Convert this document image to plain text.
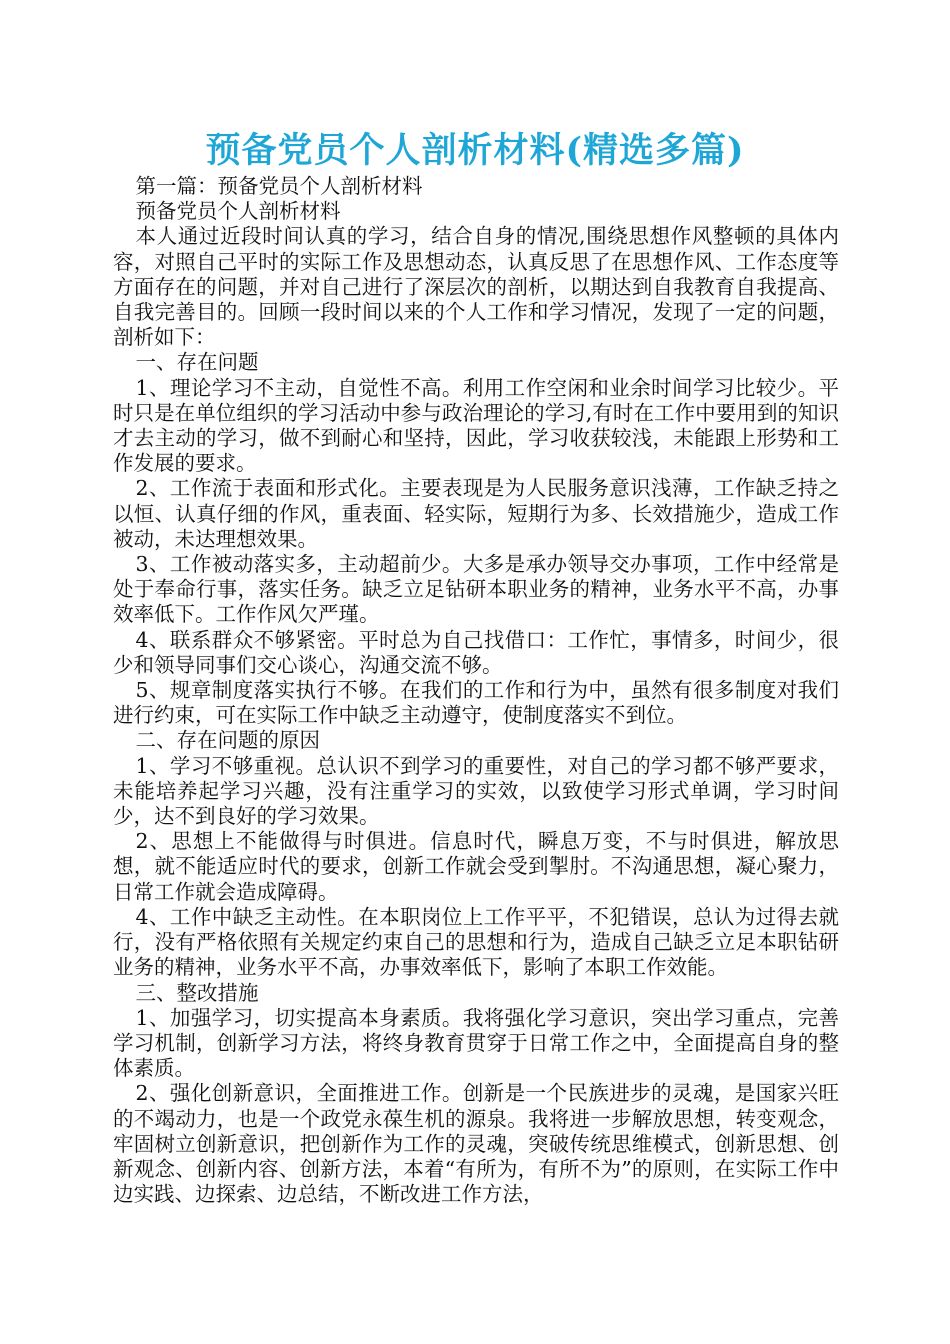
预备党员个人剖析材料(精选多篇)

第一篇：预备党员个人剖析材料

预备党员个人剖析材料

本人通过近段时间认真的学习，结合自身的情况,围绕思想作风整顿的具体内容，对照自己平时的实际工作及思想动态，认真反思了在思想作风、工作态度等方面存在的问题，并对自己进行了深层次的剖析，以期达到自我教育自我提高、自我完善目的。回顾一段时间以来的个人工作和学习情况，发现了一定的问题，剖析如下：

一、存在问题

1、理论学习不主动，自觉性不高。利用工作空闲和业余时间学习比较少。平时只是在单位组织的学习活动中参与政治理论的学习,有时在工作中要用到的知识才去主动的学习，做不到耐心和坚持，因此，学习收获较浅，未能跟上形势和工作发展的要求。

2、工作流于表面和形式化。主要表现是为人民服务意识浅薄，工作缺乏持之以恒、认真仔细的作风，重表面、轻实际，短期行为多、长效措施少，造成工作被动，未达理想效果。

3、工作被动落实多，主动超前少。大多是承办领导交办事项，工作中经常是处于奉命行事，落实任务。缺乏立足钻研本职业务的精神，业务水平不高，办事效率低下。工作作风欠严瑾。

4、联系群众不够紧密。平时总为自己找借口：工作忙，事情多，时间少，很少和领导同事们交心谈心，沟通交流不够。

5、规章制度落实执行不够。在我们的工作和行为中，虽然有很多制度对我们进行约束，可在实际工作中缺乏主动遵守，使制度落实不到位。

二、存在问题的原因

1、学习不够重视。总认识不到学习的重要性，对自己的学习都不够严要求，未能培养起学习兴趣，没有注重学习的实效，以致使学习形式单调，学习时间少，达不到良好的学习效果。

2、思想上不能做得与时俱进。信息时代，瞬息万变，不与时俱进，解放思想，就不能适应时代的要求，创新工作就会受到掣肘。不沟通思想，凝心聚力，日常工作就会造成障碍。

4、工作中缺乏主动性。在本职岗位上工作平平，不犯错误，总认为过得去就行，没有严格依照有关规定约束自己的思想和行为，造成自己缺乏立足本职钻研业务的精神，业务水平不高，办事效率低下，影响了本职工作效能。

三、整改措施

1、加强学习，切实提高本身素质。我将强化学习意识，突出学习重点，完善学习机制，创新学习方法，将终身教育贯穿于日常工作之中，全面提高自身的整体素质。

2、强化创新意识，全面推进工作。创新是一个民族进步的灵魂，是国家兴旺的不竭动力，也是一个政党永葆生机的源泉。我将进一步解放思想，转变观念，牢固树立创新意识，把创新作为工作的灵魂，突破传统思维模式，创新思想、创新观念、创新内容、创新方法，本着“有所为，有所不为”的原则，在实际工作中边实践、边探索、边总结，不断改进工作方法，
